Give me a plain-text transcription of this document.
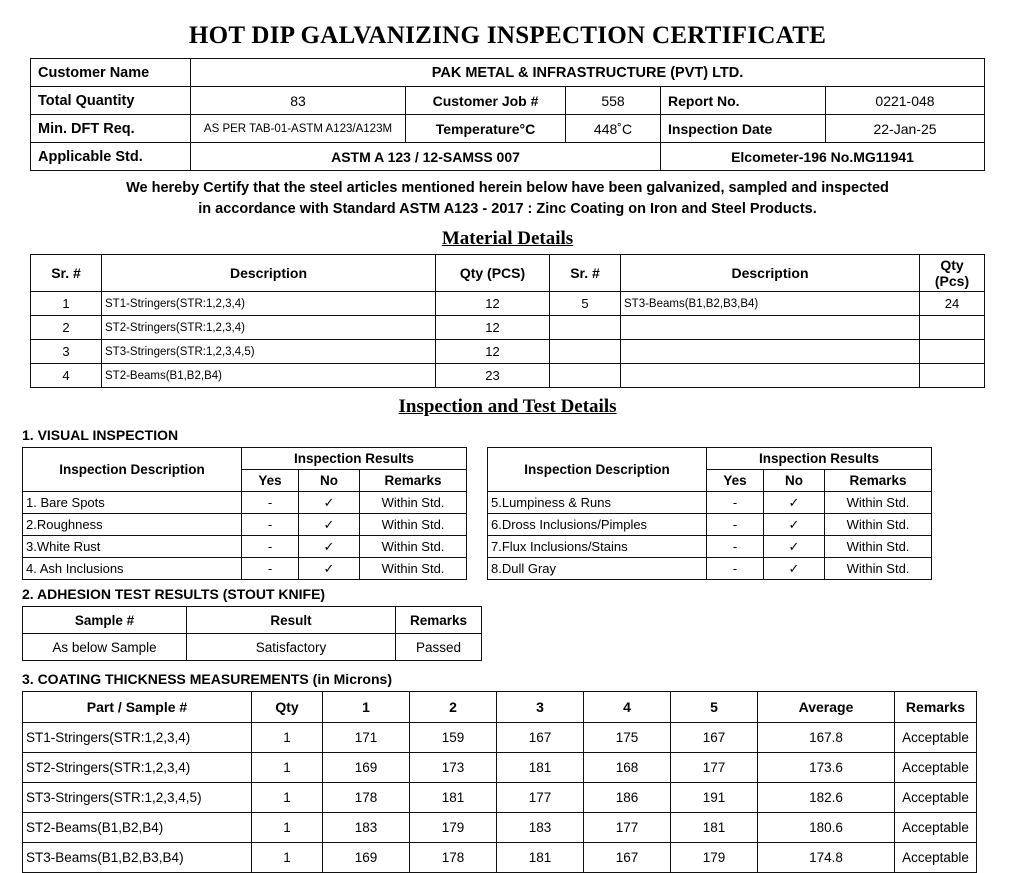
HOT DIP GALVANIZING INSPECTION CERTIFICATE
Customer Name	PAK METAL & INFRASTRUCTURE (PVT) LTD.				
Total Quantity	83	Customer Job #	558	Report No.	0221-048
Min. DFT Req.	AS PER TAB-01-ASTM A123/A123M	Temperature°C	448˚C	Inspection Date	22-Jan-25
Applicable Std.	ASTM A 123 / 12-SAMSS 007			Elcometer-196 No.MG11941	
We hereby Certify that the steel articles mentioned herein below have been galvanized, sampled and inspected
in accordance with Standard ASTM A123 - 2017 : Zinc Coating on Iron and Steel Products.
Material Details
Sr. #	Description	Qty (PCS)	Sr. #	Description	Qty (Pcs)
1	ST1-Stringers(STR:1,2,3,4)	12	5	ST3-Beams(B1,B2,B3,B4)	24
2	ST2-Stringers(STR:1,2,3,4)	12			
3	ST3-Stringers(STR:1,2,3,4,5)	12			
4	ST2-Beams(B1,B2,B4)	23			
Inspection and Test Details
1. VISUAL INSPECTION
Inspection Description	Inspection Results		
	Yes	No	Remarks
1. Bare Spots	-	✓	Within Std.
2.Roughness	-	✓	Within Std.
3.White Rust	-	✓	Within Std.
4. Ash Inclusions	-	✓	Within Std.
Inspection Description	Inspection Results		
	Yes	No	Remarks
5.Lumpiness & Runs	-	✓	Within Std.
6.Dross Inclusions/Pimples	-	✓	Within Std.
7.Flux Inclusions/Stains	-	✓	Within Std.
8.Dull Gray	-	✓	Within Std.
2. ADHESION TEST RESULTS (STOUT KNIFE)
Sample #	Result	Remarks
As below Sample	Satisfactory	Passed
3. COATING THICKNESS MEASUREMENTS (in Microns)
Part / Sample #	Qty	1	2	3	4	5	Average	Remarks
ST1-Stringers(STR:1,2,3,4)	1	171	159	167	175	167	167.8	Acceptable
ST2-Stringers(STR:1,2,3,4)	1	169	173	181	168	177	173.6	Acceptable
ST3-Stringers(STR:1,2,3,4,5)	1	178	181	177	186	191	182.6	Acceptable
ST2-Beams(B1,B2,B4)	1	183	179	183	177	181	180.6	Acceptable
ST3-Beams(B1,B2,B3,B4)	1	169	178	181	167	179	174.8	Acceptable
